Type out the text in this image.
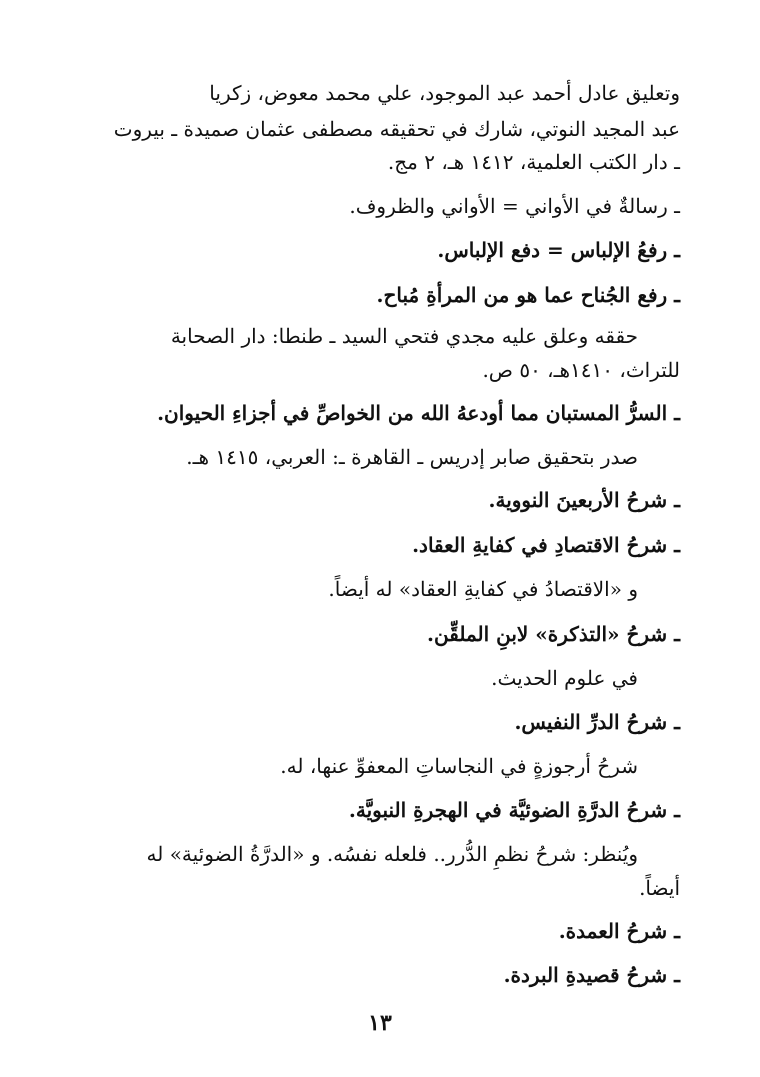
وتعليق عادل أحمد عبد الموجود، علي محمد معوض، زكريا
عبد المجيد النوتي، شارك في تحقيقه مصطفى عثمان صميدة ـ بيروت
ـ دار الكتب العلمية، ١٤١٢ هـ، ٢ مج.
ـ رسالةٌ في الأواني = الأواني والظروف.
ـ رفعُ الإلباس = دفع الإلباس.
ـ رفع الجُناح عما هو من المرأةِ مُباح.
حققه وعلق عليه مجدي فتحي السيد ـ طنطا: دار الصحابة
للتراث، ١٤١٠هـ، ٥٠ ص.
ـ السرُّ المستبان مما أودعهُ الله من الخواصِّ في أجزاءِ الحيوان.
صدر بتحقيق صابر إدريس ـ القاهرة ـ: العربي، ١٤١٥ هـ.
ـ شرحُ الأربعينَ النووية.
ـ شرحُ الاقتصادِ في كفايةِ العقاد.
و «الاقتصادُ في كفايةِ العقاد» له أيضاً.
ـ شرحُ «التذكرة» لابنِ الملقِّن.
في علوم الحديث.
ـ شرحُ الدرِّ النفيس.
شرحُ أرجوزةٍ في النجاساتِ المعفوِّ عنها، له.
ـ شرحُ الدرَّةِ الضوئيَّة في الهجرةِ النبويَّة.
ويُنظر: شرحُ نظمِ الدُّرر.. فلعله نفسُه. و «الدرَّةُ الضوئية» له
أيضاً.
ـ شرحُ العمدة.
ـ شرحُ قصيدةِ البردة.
١٣
